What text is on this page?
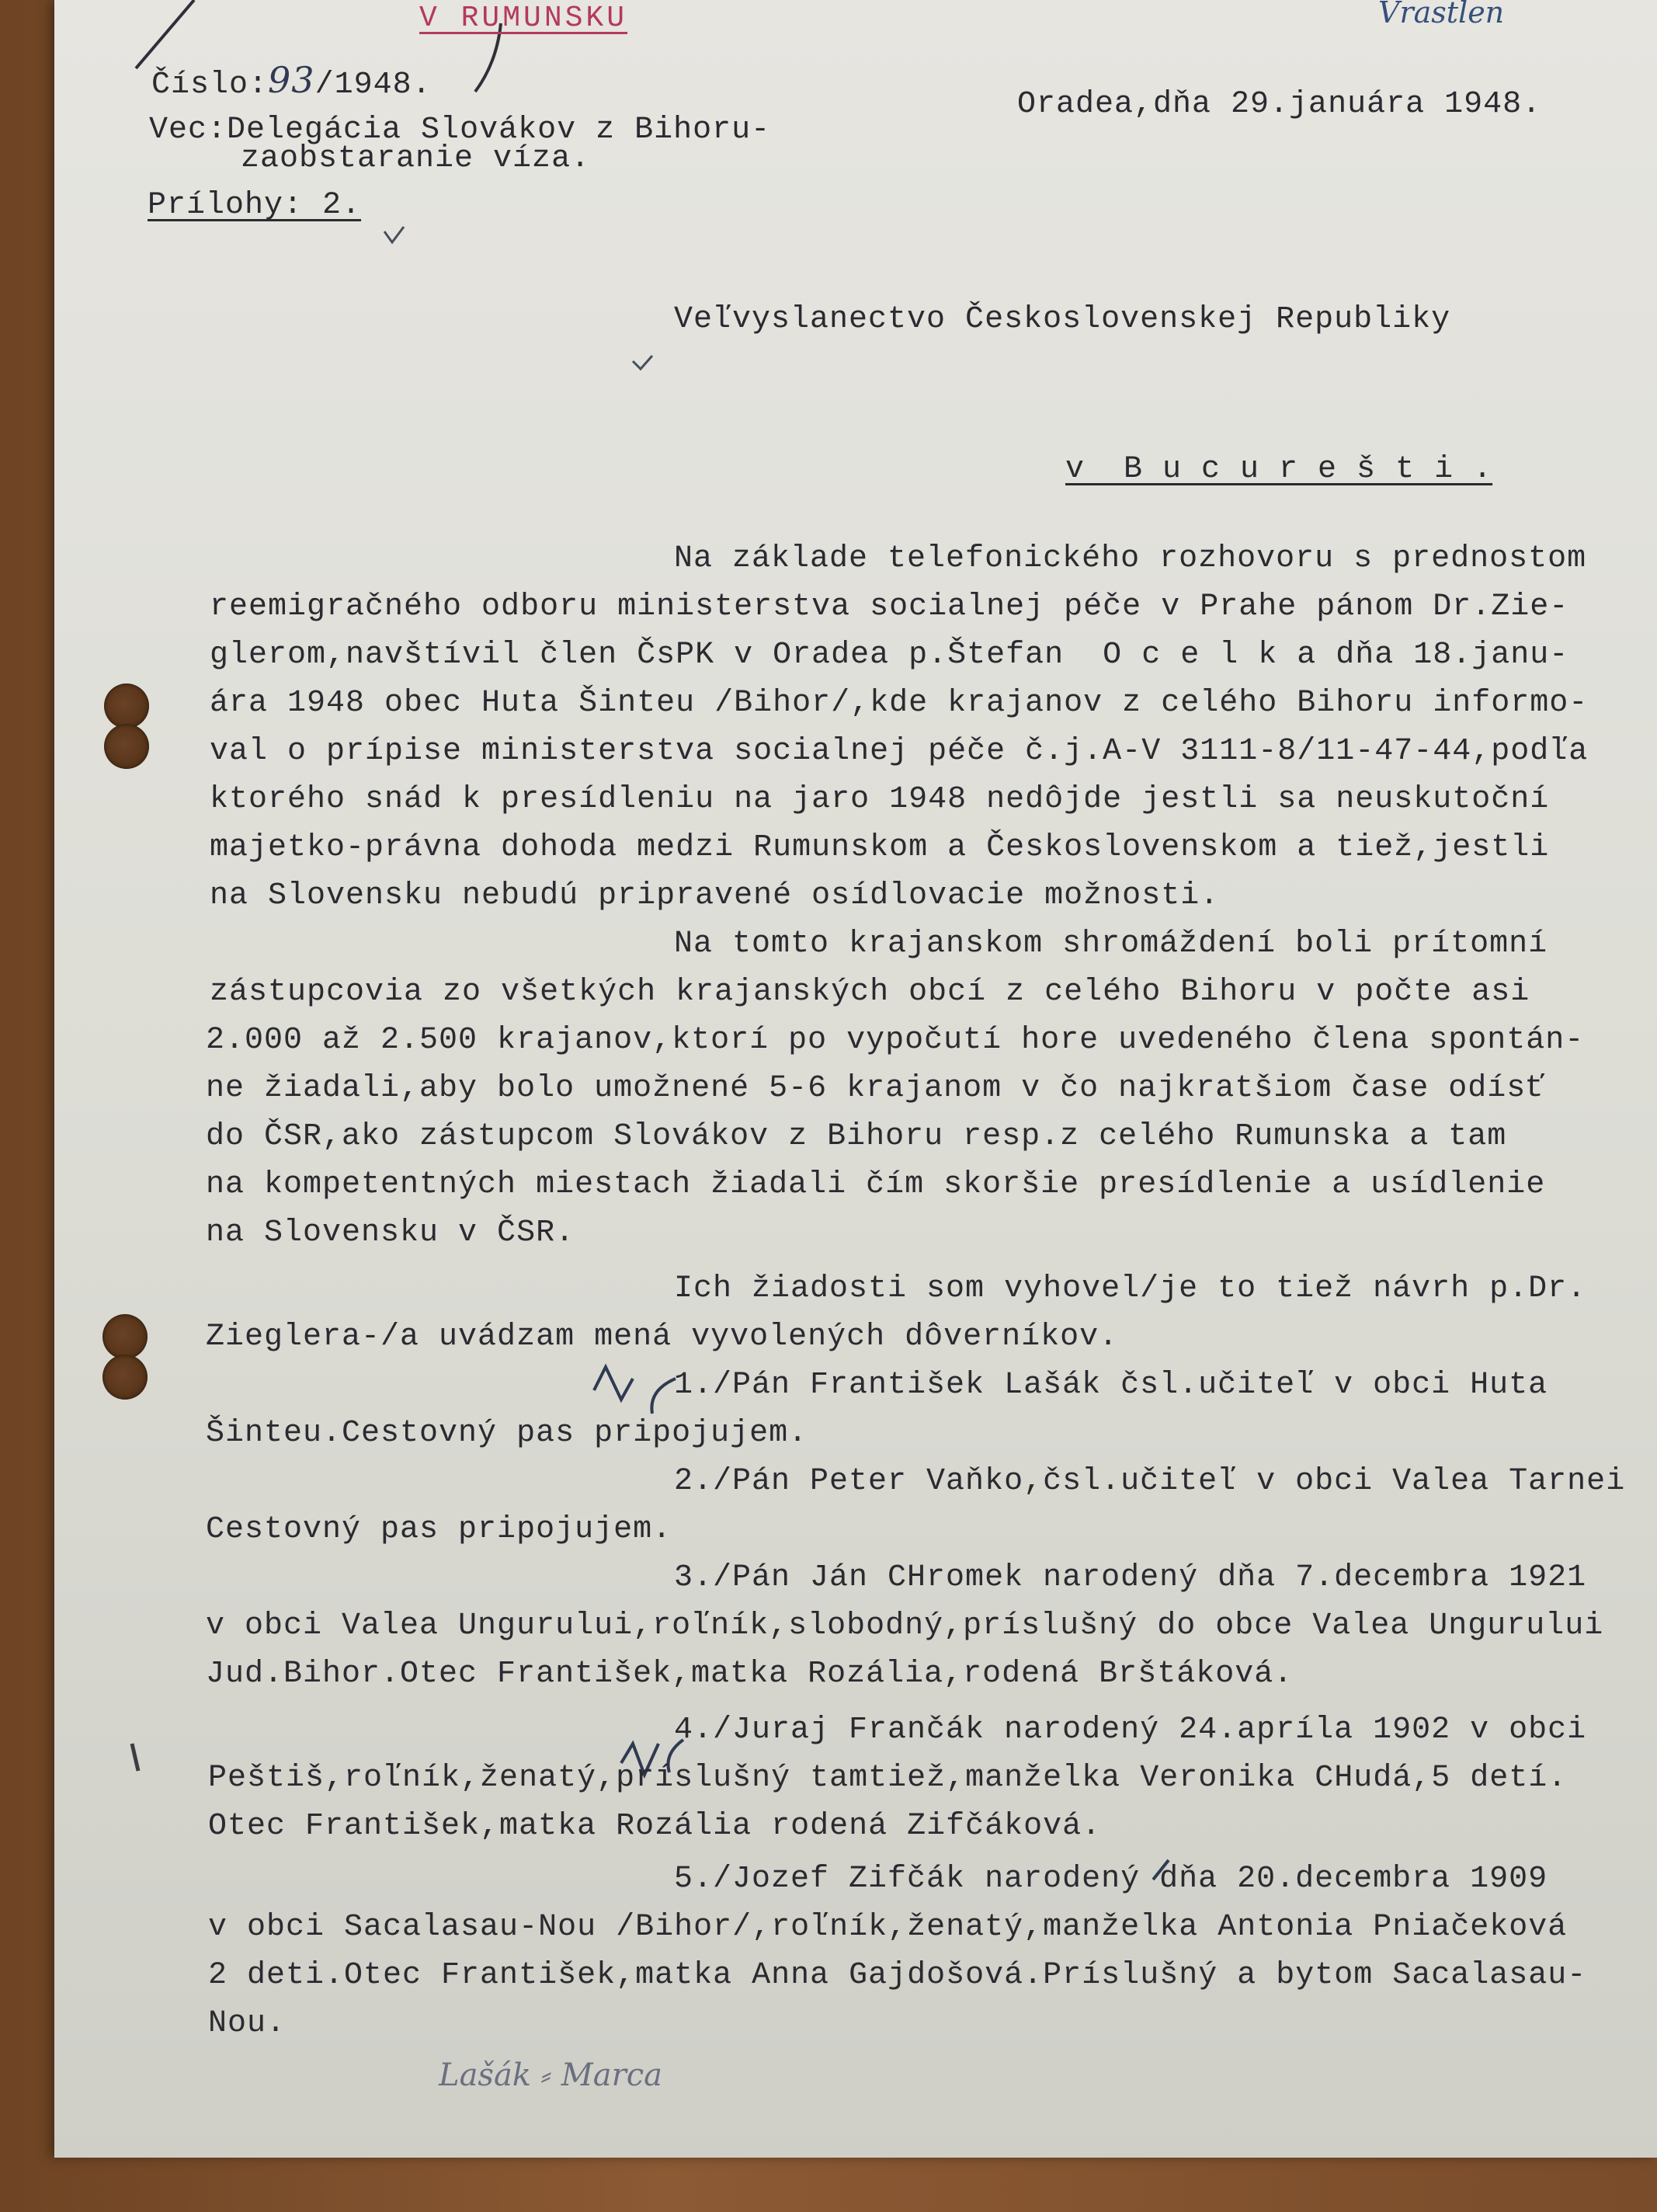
V RUMUNSKU	Vrastlen
Číslo:93/1948.
Oradea,dňa 29.januára 1948.
Vec:Delegácia Slovákov z Bihoru-
zaobstaranie víza.
Prílohy: 2.
Veľvyslanectvo Československej Republiky
v  B u c u r e š t i .
Na základe telefonického rozhovoru s prednostom
reemigračného odboru ministerstva socialnej péče v Prahe pánom Dr.Zie-
glerom,navštívil člen ČsPK v Oradea p.Štefan  O c e l k a dňa 18.janu-
ára 1948 obec Huta Šinteu /Bihor/,kde krajanov z celého Bihoru informo-
val o prípise ministerstva socialnej péče č.j.A-V 3111-8/11-47-44,podľa
ktorého snád k presídleniu na jaro 1948 nedôjde jestli sa neuskutoční
majetko-právna dohoda medzi Rumunskom a Československom a tiež,jestli
na Slovensku nebudú pripravené osídlovacie možnosti.
Na tomto krajanskom shromáždení boli prítomní
zástupcovia zo všetkých krajanských obcí z celého Bihoru v počte asi
2.000 až 2.500 krajanov,ktorí po vypočutí hore uvedeného člena spontán-
ne žiadali,aby bolo umožnené 5-6 krajanom v čo najkratšiom čase odísť
do ČSR,ako zástupcom Slovákov z Bihoru resp.z celého Rumunska a tam
na kompetentných miestach žiadali čím skoršie presídlenie a usídlenie
na Slovensku v ČSR.
Ich žiadosti som vyhovel/je to tiež návrh p.Dr.
Zieglera-/a uvádzam mená vyvolených dôverníkov.
1./Pán František Lašák čsl.učiteľ v obci Huta
Šinteu.Cestovný pas pripojujem.
2./Pán Peter Vaňko,čsl.učiteľ v obci Valea Tarnei
Cestovný pas pripojujem.
3./Pán Ján CHromek narodený dňa 7.decembra 1921
v obci Valea Ungurului,roľník,slobodný,príslušný do obce Valea Ungurului
Jud.Bihor.Otec František,matka Rozália,rodená Brštáková.
4./Juraj Frančák narodený 24.apríla 1902 v obci
Peštiš,roľník,ženatý,príslušný tamtiež,manželka Veronika CHudá,5 detí.
Otec František,matka Rozália rodená Zifčáková.
5./Jozef Zifčák narodený dňa 20.decembra 1909
v obci Sacalasau-Nou /Bihor/,roľník,ženatý,manželka Antonia Pniačeková
2 deti.Otec František,matka Anna Gajdošová.Príslušný a bytom Sacalasau-
Nou.
Lašák ⸗ Marca
